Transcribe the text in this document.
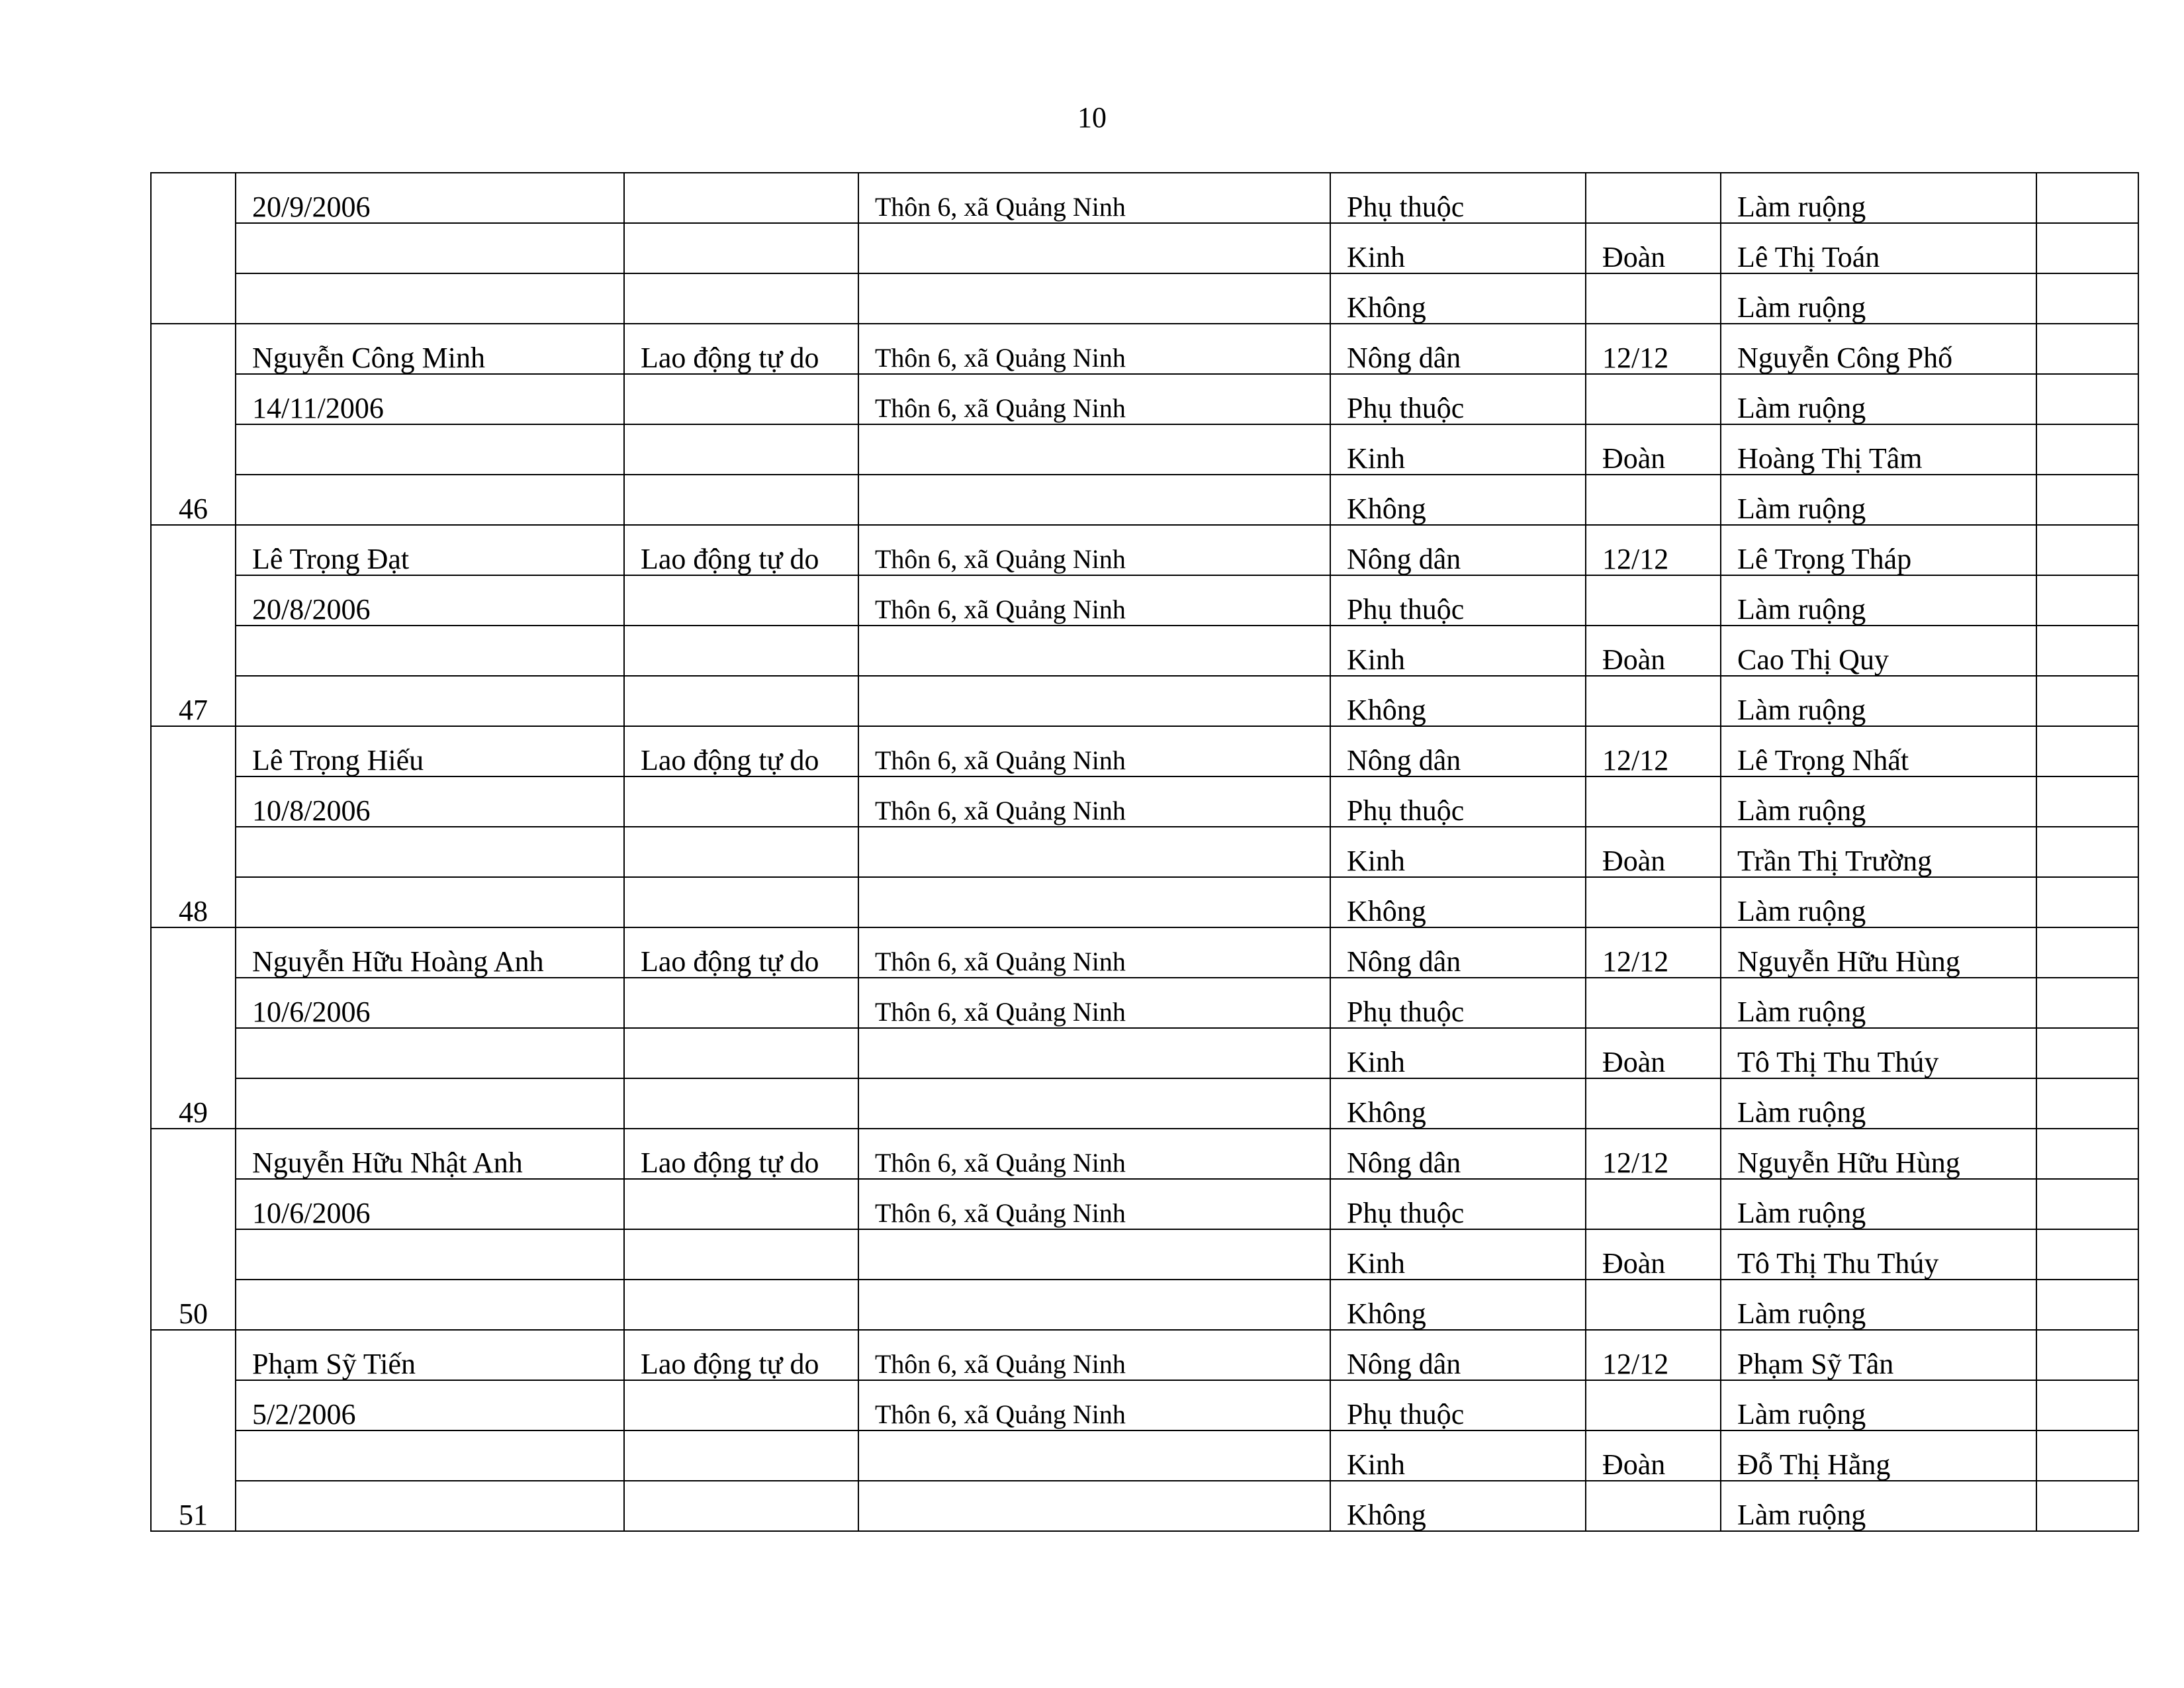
10
	20/9/2006		Thôn 6, xã Quảng Ninh	Phụ thuộc		Làm ruộng	
				Kinh	Đoàn	Lê Thị Toán	
				Không		Làm ruộng	
46	Nguyễn Công Minh	Lao động tự do	Thôn 6, xã Quảng Ninh	Nông dân	12/12	Nguyễn Công Phố	
	14/11/2006		Thôn 6, xã Quảng Ninh	Phụ thuộc		Làm ruộng	
				Kinh	Đoàn	Hoàng Thị Tâm	
				Không		Làm ruộng	
47	Lê Trọng Đạt	Lao động tự do	Thôn 6, xã Quảng Ninh	Nông dân	12/12	Lê Trọng Tháp	
	20/8/2006		Thôn 6, xã Quảng Ninh	Phụ thuộc		Làm ruộng	
				Kinh	Đoàn	Cao Thị Quy	
				Không		Làm ruộng	
48	Lê Trọng Hiếu	Lao động tự do	Thôn 6, xã Quảng Ninh	Nông dân	12/12	Lê Trọng Nhất	
	10/8/2006		Thôn 6, xã Quảng Ninh	Phụ thuộc		Làm ruộng	
				Kinh	Đoàn	Trần Thị Trường	
				Không		Làm ruộng	
49	Nguyễn Hữu Hoàng Anh	Lao động tự do	Thôn 6, xã Quảng Ninh	Nông dân	12/12	Nguyễn Hữu Hùng	
	10/6/2006		Thôn 6, xã Quảng Ninh	Phụ thuộc		Làm ruộng	
				Kinh	Đoàn	Tô Thị Thu Thúy	
				Không		Làm ruộng	
50	Nguyễn Hữu Nhật Anh	Lao động tự do	Thôn 6, xã Quảng Ninh	Nông dân	12/12	Nguyễn Hữu Hùng	
	10/6/2006		Thôn 6, xã Quảng Ninh	Phụ thuộc		Làm ruộng	
				Kinh	Đoàn	Tô Thị Thu Thúy	
				Không		Làm ruộng	
51	Phạm Sỹ Tiến	Lao động tự do	Thôn 6, xã Quảng Ninh	Nông dân	12/12	Phạm Sỹ Tân	
	5/2/2006		Thôn 6, xã Quảng Ninh	Phụ thuộc		Làm ruộng	
				Kinh	Đoàn	Đỗ Thị Hằng	
				Không		Làm ruộng	
